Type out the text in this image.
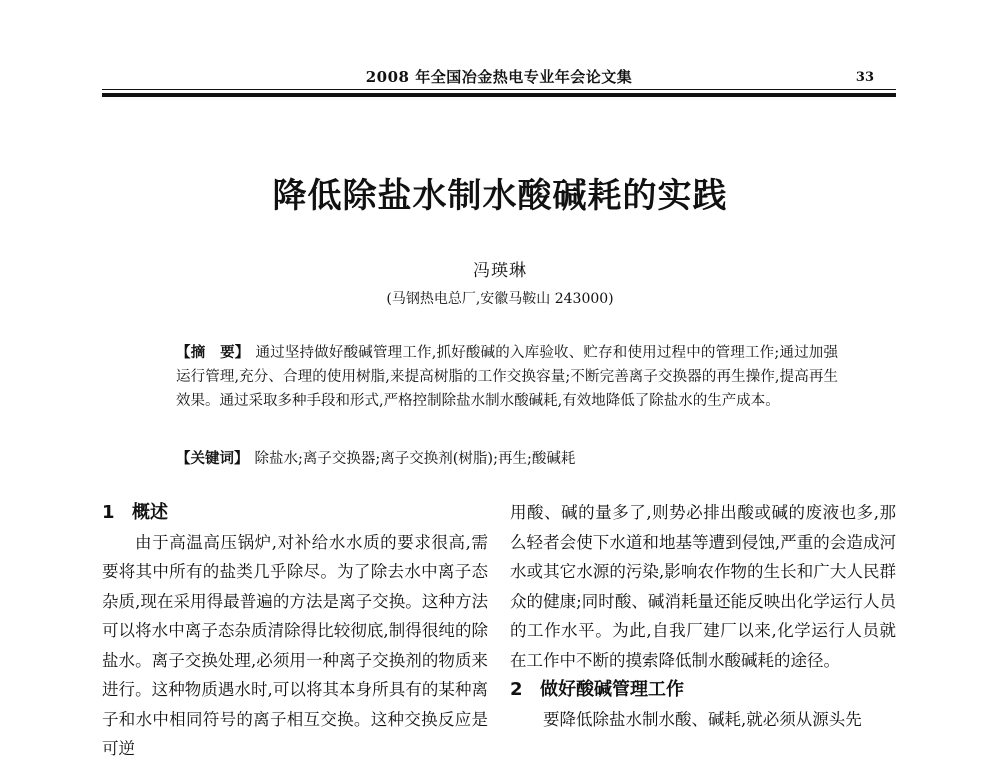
2008 年全国冶金热电专业年会论文集	33
降低除盐水制水酸碱耗的实践
冯瑛琳
(马钢热电总厂,安徽马鞍山 243000)
【摘　要】 通过坚持做好酸碱管理工作,抓好酸碱的入库验收、贮存和使用过程中的管理工作;通过加强运行管理,充分、合理的使用树脂,来提高树脂的工作交换容量;不断完善离子交换器的再生操作,提高再生效果。通过采取多种手段和形式,严格控制除盐水制水酸碱耗,有效地降低了除盐水的生产成本。
【关键词】 除盐水;离子交换器;离子交换剂(树脂);再生;酸碱耗
1 概述
由于高温高压锅炉,对补给水水质的要求很高,需要将其中所有的盐类几乎除尽。为了除去水中离子态杂质,现在采用得最普遍的方法是离子交换。这种方法可以将水中离子态杂质清除得比较彻底,制得很纯的除盐水。离子交换处理,必须用一种离子交换剂的物质来进行。这种物质遇水时,可以将其本身所具有的某种离子和水中相同符号的离子相互交换。这种交换反应是可逆
用酸、碱的量多了,则势必排出酸或碱的废液也多,那么轻者会使下水道和地基等遭到侵蚀,严重的会造成河水或其它水源的污染,影响农作物的生长和广大人民群众的健康;同时酸、碱消耗量还能反映出化学运行人员的工作水平。为此,自我厂建厂以来,化学运行人员就在工作中不断的摸索降低制水酸碱耗的途径。
2 做好酸碱管理工作
要降低除盐水制水酸、碱耗,就必须从源头先
